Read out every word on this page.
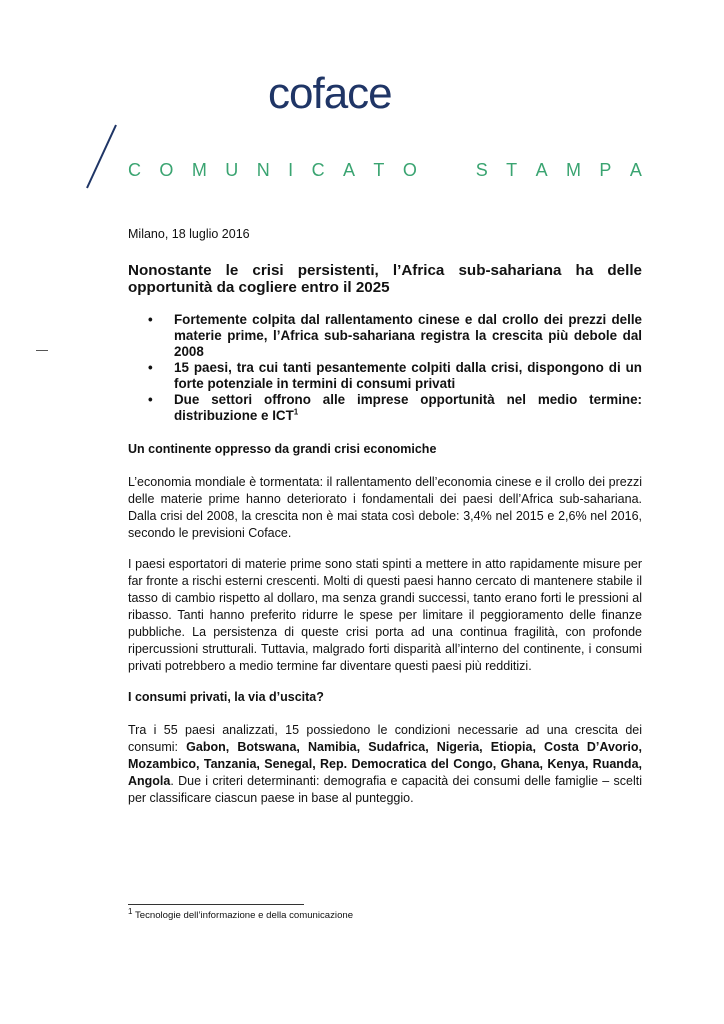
coface
C O M U N I C A T O	S T A M P A

Milano, 18 luglio 2016

Nonostante le crisi persistenti, l’Africa sub-sahariana ha delle opportunità da cogliere entro il 2025
• Fortemente colpita dal rallentamento cinese e dal crollo dei prezzi delle materie prime, l’Africa sub-sahariana registra la crescita più debole dal 2008
• 15 paesi, tra cui tanti pesantemente colpiti dalla crisi, dispongono di un forte potenziale in termini di consumi privati
• Due settori offrono alle imprese opportunità nel medio termine: distribuzione e ICT$^1$
Un continente oppresso da grandi crisi economiche

L’economia mondiale è tormentata: il rallentamento dell’economia cinese e il crollo dei prezzi delle materie prime hanno deteriorato i fondamentali dei paesi dell’Africa sub-sahariana. Dalla crisi del 2008, la crescita non è mai stata così debole: 3,4% nel 2015 e 2,6% nel 2016, secondo le previsioni Coface.

I paesi esportatori di materie prime sono stati spinti a mettere in atto rapidamente misure per far fronte a rischi esterni crescenti. Molti di questi paesi hanno cercato di mantenere stabile il tasso di cambio rispetto al dollaro, ma senza grandi successi, tanto erano forti le pressioni al ribasso. Tanti hanno preferito ridurre le spese per limitare il peggioramento delle finanze pubbliche. La persistenza di queste crisi porta ad una continua fragilità, con profonde ripercussioni strutturali. Tuttavia, malgrado forti disparità all’interno del continente, i consumi privati potrebbero a medio termine far diventare questi paesi più redditizi.

I consumi privati, la via d’uscita?

Tra i 55 paesi analizzati, 15 possiedono le condizioni necessarie ad una crescita dei consumi: Gabon, Botswana, Namibia, Sudafrica, Nigeria, Etiopia, Costa D’Avorio, Mozambico, Tanzania, Senegal, Rep. Democratica del Congo, Ghana, Kenya, Ruanda, Angola. Due i criteri determinanti: demografia e capacità dei consumi delle famiglie – scelti per classificare ciascun paese in base al punteggio.

$^1$ Tecnologie dell’informazione e della comunicazione
